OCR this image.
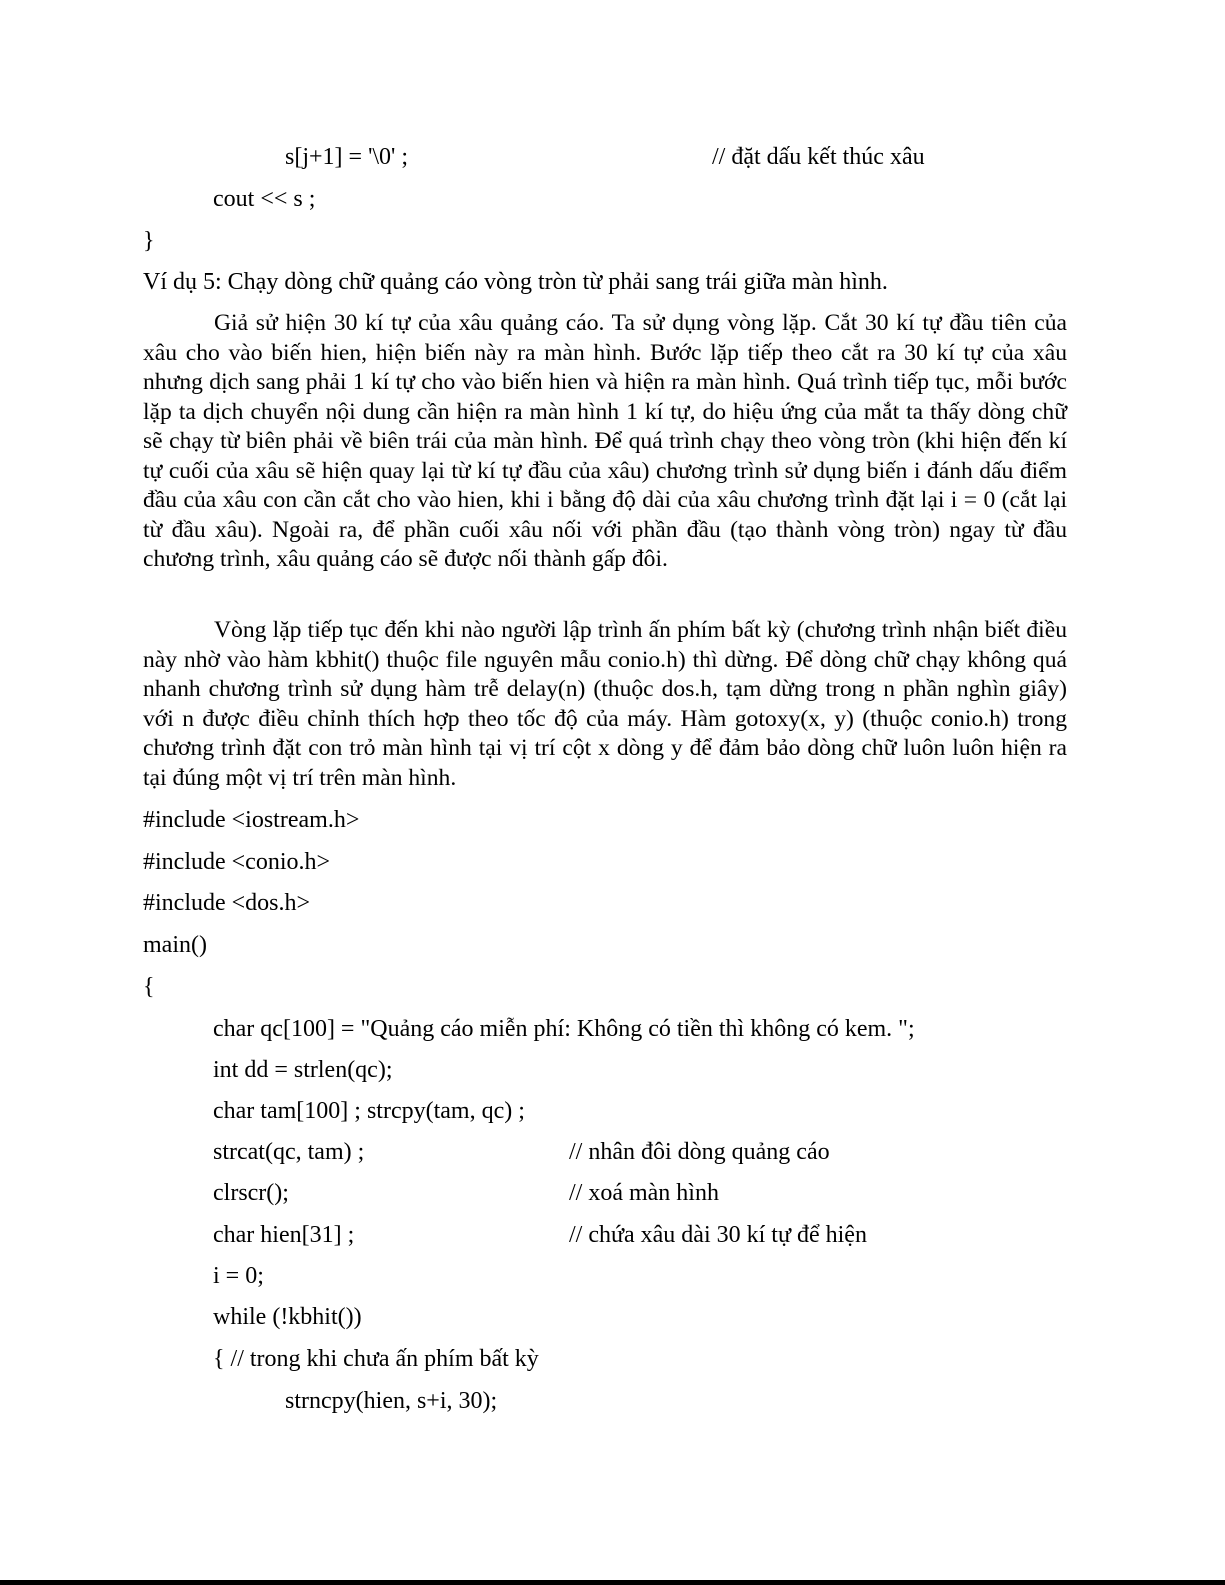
s[j+1] = '\0' ;	// đặt dấu kết thúc xâu
cout << s ;
}
Ví dụ 5: Chạy dòng chữ quảng cáo vòng tròn từ phải sang trái giữa màn hình.
Giả sử hiện 30 kí tự của xâu quảng cáo. Ta sử dụng vòng lặp. Cắt 30 kí tự đầu tiên của xâu cho vào biến hien, hiện biến này ra màn hình. Bước lặp tiếp theo cắt ra 30 kí tự của xâu nhưng dịch sang phải 1 kí tự cho vào biến hien và hiện ra màn hình. Quá trình tiếp tục, mỗi bước lặp ta dịch chuyển nội dung cần hiện ra màn hình 1 kí tự, do hiệu ứng của mắt ta thấy dòng chữ sẽ chạy từ biên phải về biên trái của màn hình. Để quá trình chạy theo vòng tròn (khi hiện đến kí tự cuối của xâu sẽ hiện quay lại từ kí tự đầu của xâu) chương trình sử dụng biến i đánh dấu điểm đầu của xâu con cần cắt cho vào hien, khi i bằng độ dài của xâu chương trình đặt lại i = 0 (cắt lại từ đầu xâu). Ngoài ra, để phần cuối xâu nối với phần đầu (tạo thành vòng tròn) ngay từ đầu chương trình, xâu quảng cáo sẽ được nối thành gấp đôi.
Vòng lặp tiếp tục đến khi nào người lập trình ấn phím bất kỳ (chương trình nhận biết điều này nhờ vào hàm kbhit() thuộc file nguyên mẫu conio.h) thì dừng. Để dòng chữ chạy không quá nhanh chương trình sử dụng hàm trễ delay(n) (thuộc dos.h, tạm dừng trong n phần nghìn giây) với n được điều chỉnh thích hợp theo tốc độ của máy. Hàm gotoxy(x, y) (thuộc conio.h) trong chương trình đặt con trỏ màn hình tại vị trí cột x dòng y để đảm bảo dòng chữ luôn luôn hiện ra tại đúng một vị trí trên màn hình.
#include <iostream.h>
#include <conio.h>
#include <dos.h>
main()
{
char qc[100] = "Quảng cáo miễn phí: Không có tiền thì không có kem. ";
int dd = strlen(qc);
char tam[100] ; strcpy(tam, qc) ;
strcat(qc, tam) ;	// nhân đôi dòng quảng cáo
clrscr();	// xoá màn hình
char hien[31] ;	// chứa xâu dài 30 kí tự để hiện
i = 0;
while (!kbhit())
{ // trong khi chưa ấn phím bất kỳ
strncpy(hien, s+i, 30);
